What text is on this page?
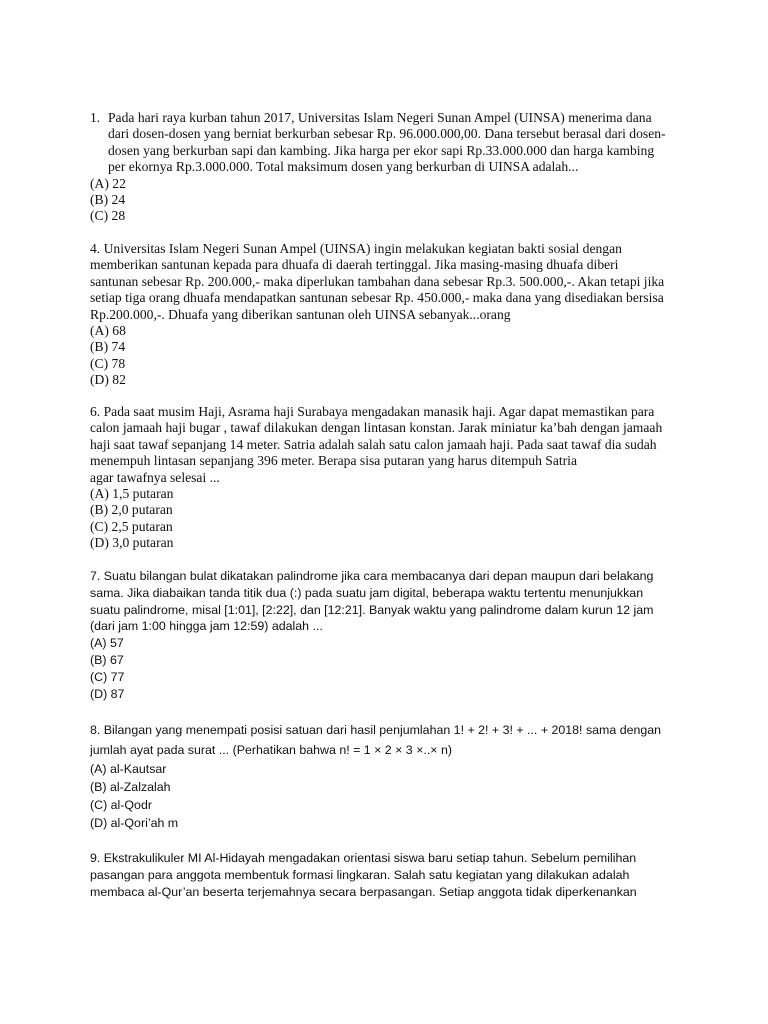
1. Pada hari raya kurban tahun 2017, Universitas Islam Negeri Sunan Ampel (UINSA) menerima dana

dari dosen-dosen yang berniat berkurban sebesar Rp. 96.000.000,00. Dana tersebut berasal dari dosen-

dosen yang berkurban sapi dan kambing. Jika harga per ekor sapi Rp.33.000.000 dan harga kambing

per ekornya Rp.3.000.000. Total maksimum dosen yang berkurban di UINSA adalah...

(A) 22

(B) 24

(C) 28

4. Universitas Islam Negeri Sunan Ampel (UINSA) ingin melakukan kegiatan bakti sosial dengan

memberikan santunan kepada para dhuafa di daerah tertinggal. Jika masing-masing dhuafa diberi

santunan sebesar Rp. 200.000,- maka diperlukan tambahan dana sebesar Rp.3. 500.000,-. Akan tetapi jika

setiap tiga orang dhuafa mendapatkan santunan sebesar Rp. 450.000,- maka dana yang disediakan bersisa

Rp.200.000,-. Dhuafa yang diberikan santunan oleh UINSA sebanyak...orang

(A) 68

(B) 74

(C) 78

(D) 82

6. Pada saat musim Haji, Asrama haji Surabaya mengadakan manasik haji. Agar dapat memastikan para

calon jamaah haji bugar , tawaf dilakukan dengan lintasan konstan. Jarak miniatur ka’bah dengan jamaah

haji saat tawaf sepanjang 14 meter. Satria adalah salah satu calon jamaah haji. Pada saat tawaf dia sudah

menempuh lintasan sepanjang 396 meter. Berapa sisa putaran yang harus ditempuh Satria

agar tawafnya selesai ...

(A) 1,5 putaran

(B) 2,0 putaran

(C) 2,5 putaran

(D) 3,0 putaran

7. Suatu bilangan bulat dikatakan palindrome jika cara membacanya dari depan maupun dari belakang

sama. Jika diabaikan tanda titik dua (:) pada suatu jam digital, beberapa waktu tertentu menunjukkan

suatu palindrome, misal [1:01], [2:22], dan [12:21]. Banyak waktu yang palindrome dalam kurun 12 jam

(dari jam 1:00 hingga jam 12:59) adalah ...

(A) 57

(B) 67

(C) 77

(D) 87

8. Bilangan yang menempati posisi satuan dari hasil penjumlahan 1! + 2! + 3! + ... + 2018! sama dengan

jumlah ayat pada surat ... (Perhatikan bahwa n! = 1 × 2 × 3 ×..× n)

(A) al-Kautsar

(B) al-Zalzalah

(C) al-Qodr

(D) al-Qori’ah m

9. Ekstrakulikuler MI Al-Hidayah mengadakan orientasi siswa baru setiap tahun. Sebelum pemilihan

pasangan para anggota membentuk formasi lingkaran. Salah satu kegiatan yang dilakukan adalah

membaca al-Qur’an beserta terjemahnya secara berpasangan. Setiap anggota tidak diperkenankan
